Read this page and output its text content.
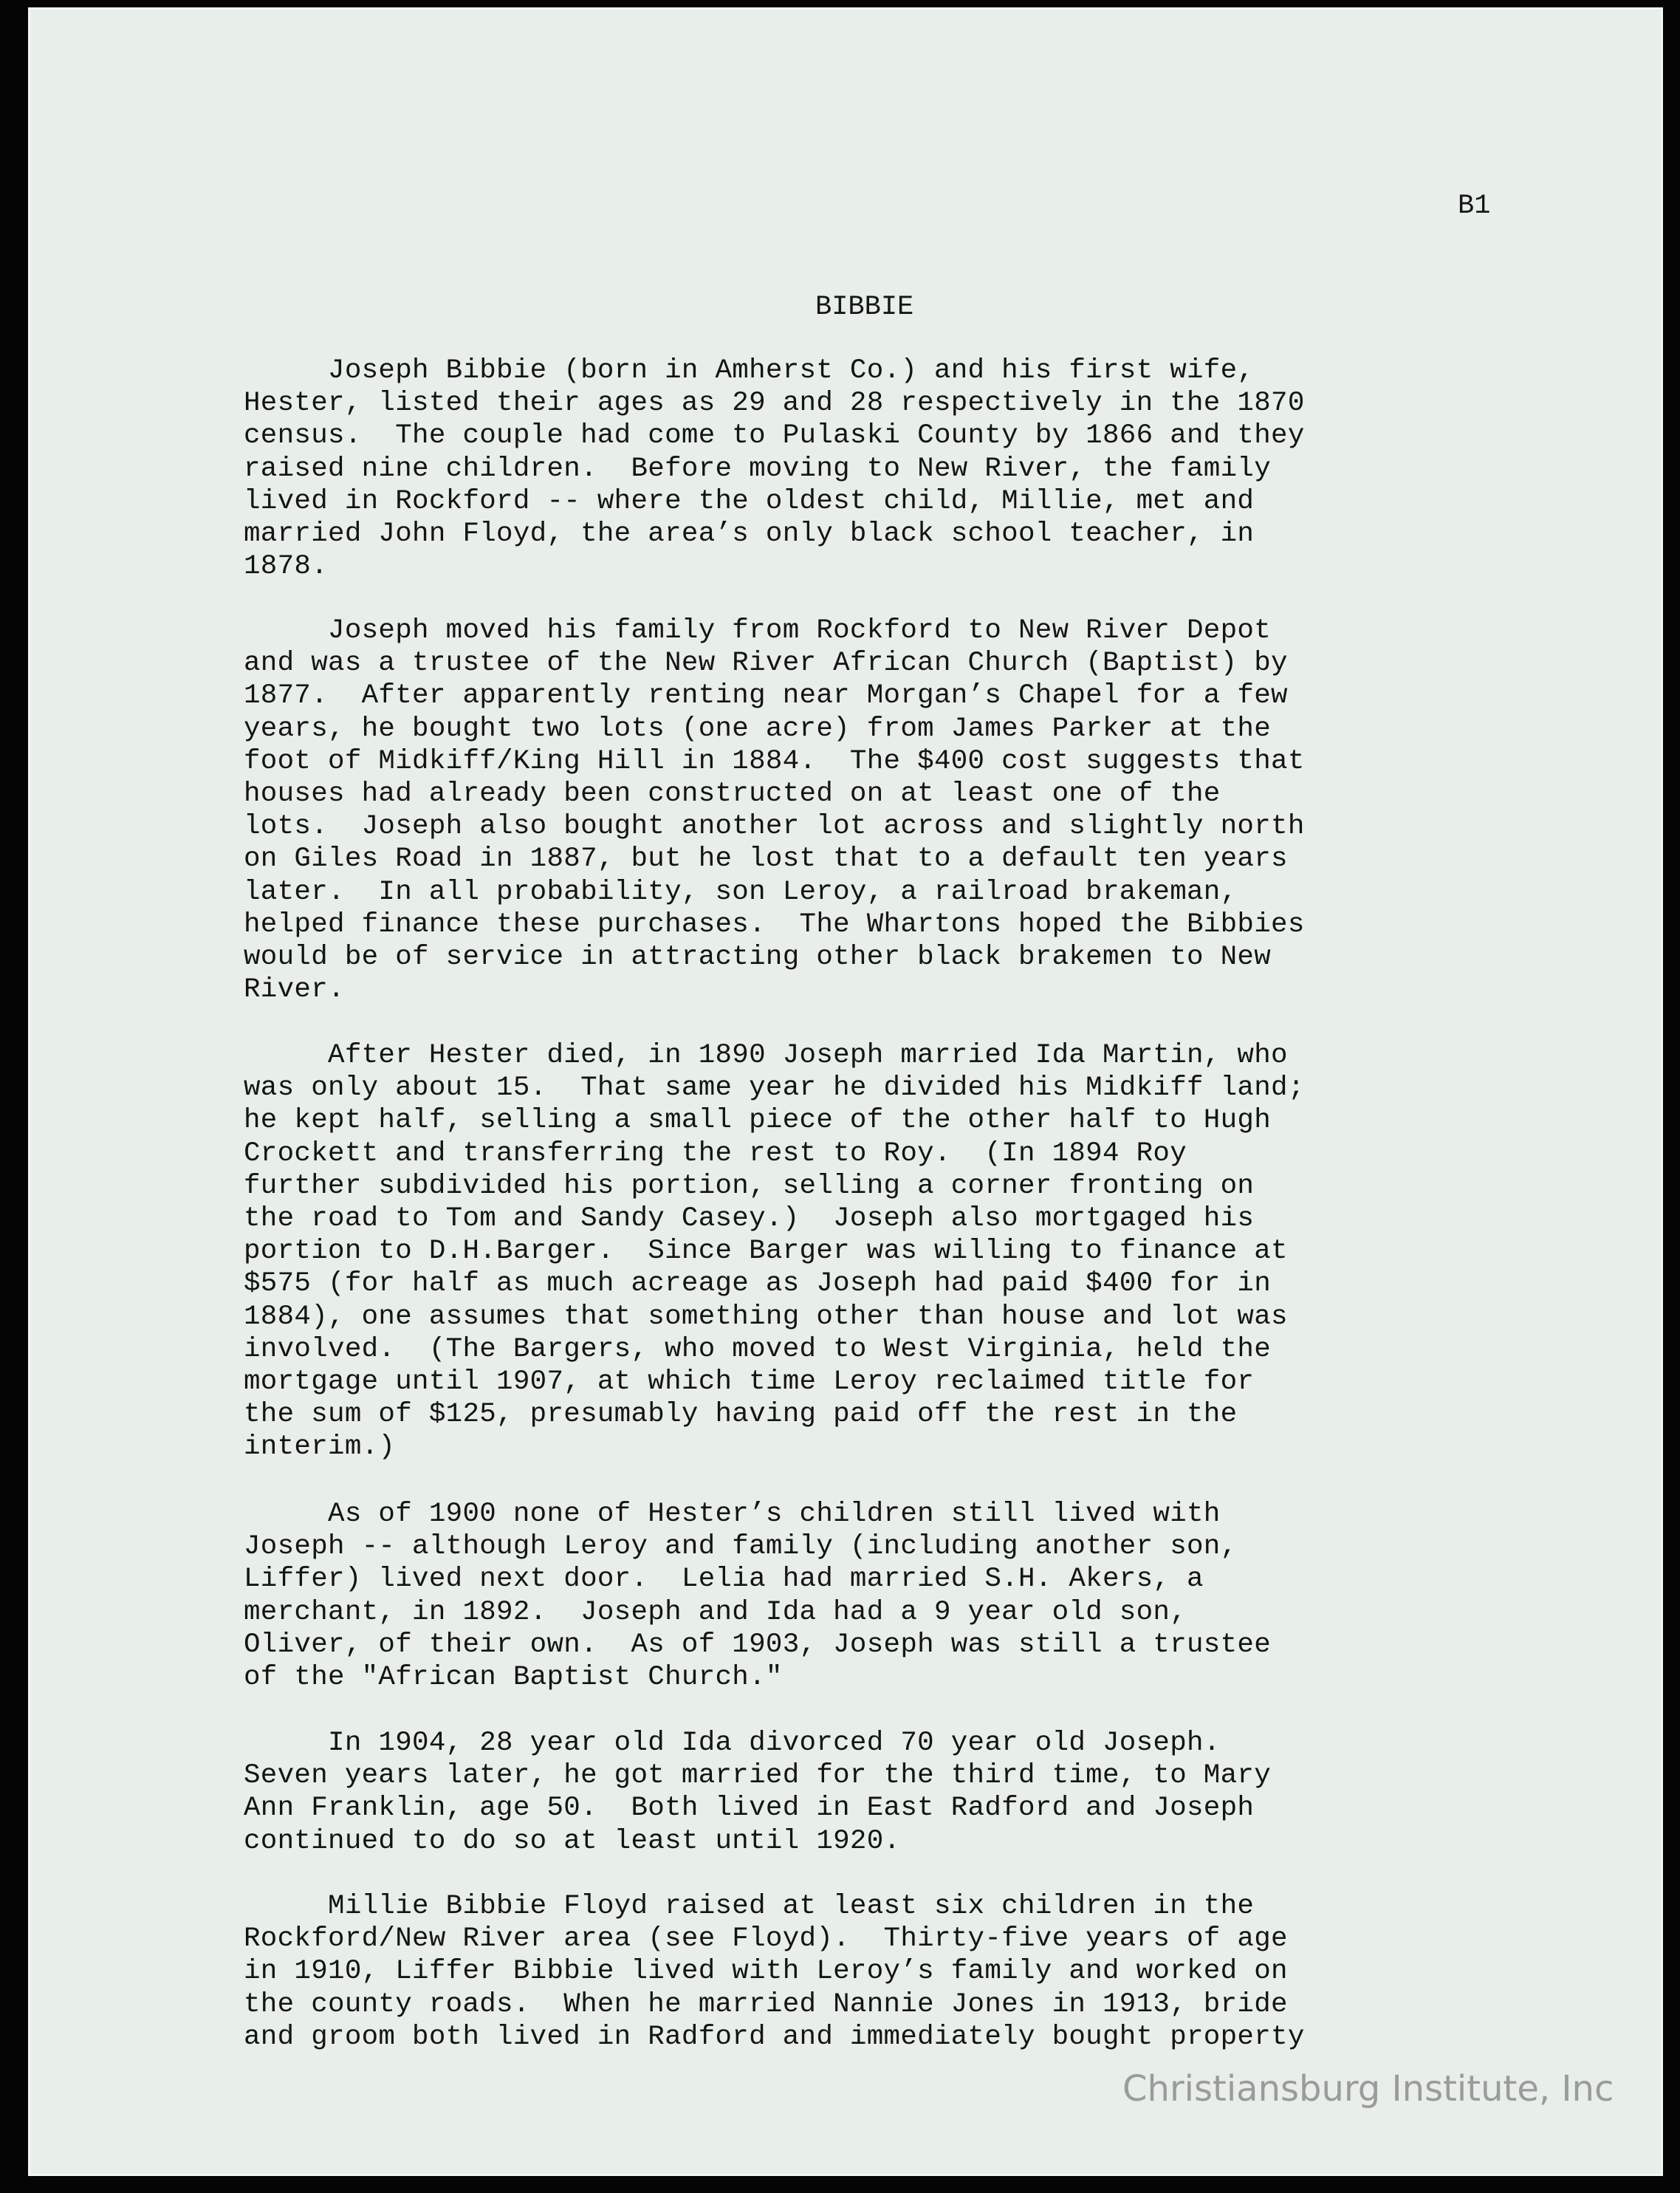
B1
BIBBIE
Joseph Bibbie (born in Amherst Co.) and his first wife,
Hester, listed their ages as 29 and 28 respectively in the 1870
census.  The couple had come to Pulaski County by 1866 and they
raised nine children.  Before moving to New River, the family
lived in Rockford -- where the oldest child, Millie, met and
married John Floyd, the area’s only black school teacher, in
1878.
Joseph moved his family from Rockford to New River Depot
and was a trustee of the New River African Church (Baptist) by
1877.  After apparently renting near Morgan’s Chapel for a few
years, he bought two lots (one acre) from James Parker at the
foot of Midkiff/King Hill in 1884.  The $400 cost suggests that
houses had already been constructed on at least one of the
lots.  Joseph also bought another lot across and slightly north
on Giles Road in 1887, but he lost that to a default ten years
later.  In all probability, son Leroy, a railroad brakeman,
helped finance these purchases.  The Whartons hoped the Bibbies
would be of service in attracting other black brakemen to New
River.
After Hester died, in 1890 Joseph married Ida Martin, who
was only about 15.  That same year he divided his Midkiff land;
he kept half, selling a small piece of the other half to Hugh
Crockett and transferring the rest to Roy.  (In 1894 Roy
further subdivided his portion, selling a corner fronting on
the road to Tom and Sandy Casey.)  Joseph also mortgaged his
portion to D.H.Barger.  Since Barger was willing to finance at
$575 (for half as much acreage as Joseph had paid $400 for in
1884), one assumes that something other than house and lot was
involved.  (The Bargers, who moved to West Virginia, held the
mortgage until 1907, at which time Leroy reclaimed title for
the sum of $125, presumably having paid off the rest in the
interim.)
As of 1900 none of Hester’s children still lived with
Joseph -- although Leroy and family (including another son,
Liffer) lived next door.  Lelia had married S.H. Akers, a
merchant, in 1892.  Joseph and Ida had a 9 year old son,
Oliver, of their own.  As of 1903, Joseph was still a trustee
of the "African Baptist Church."
In 1904, 28 year old Ida divorced 70 year old Joseph.
Seven years later, he got married for the third time, to Mary
Ann Franklin, age 50.  Both lived in East Radford and Joseph
continued to do so at least until 1920.
Millie Bibbie Floyd raised at least six children in the
Rockford/New River area (see Floyd).  Thirty-five years of age
in 1910, Liffer Bibbie lived with Leroy’s family and worked on
the county roads.  When he married Nannie Jones in 1913, bride
and groom both lived in Radford and immediately bought property
Christiansburg Institute, Inc
